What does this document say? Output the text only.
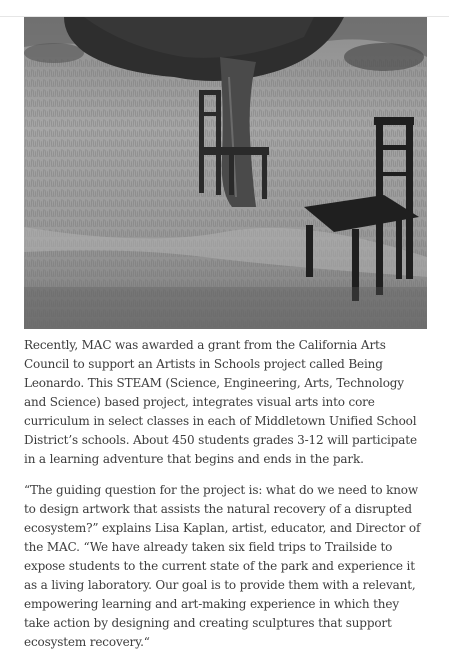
Recently, MAC was awarded a grant from the California Arts Council to support an Artists in Schools project called Being Leonardo. This STEAM (Science, Engineering, Arts, Technology and Science) based project, integrates visual arts into core curriculum in select classes in each of Middletown Unified School District’s schools. About 450 students grades 3-12 will participate in a learning adventure that begins and ends in the park.

“The guiding question for the project is: what do we need to know to design artwork that assists the natural recovery of a disrupted ecosystem?” explains Lisa Kaplan, artist, educator, and Director of the MAC. “We have already taken six field trips to Trailside to expose students to the current state of the park and experience it as a living laboratory. Our goal is to provide them with a relevant, empowering learning and art-making experience in which they take action by designing and creating sculptures that support ecosystem recovery.“
